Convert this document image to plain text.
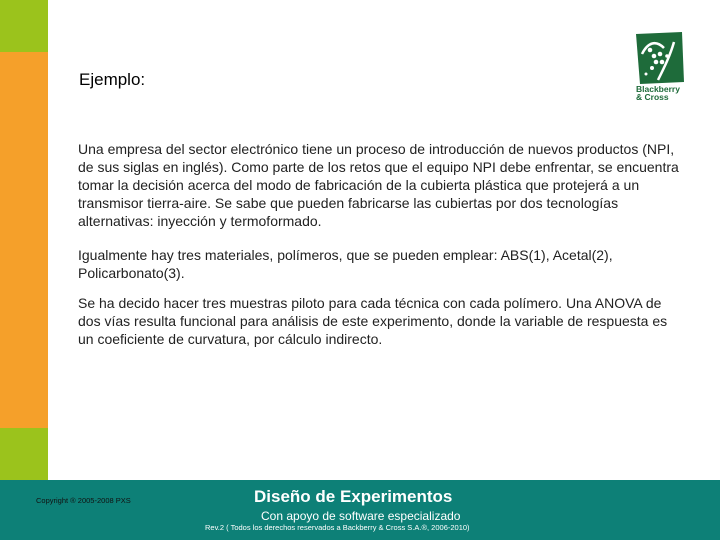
Blackberry
& Cross
Ejemplo:

Una empresa del sector electrónico tiene un proceso de introducción de nuevos productos (NPI, de sus siglas en inglés). Como parte de los retos que el equipo NPI debe enfrentar, se encuentra tomar la decisión acerca del modo de fabricación de la cubierta plástica que protejerá a un transmisor tierra-aire. Se sabe que pueden fabricarse las cubiertas por dos tecnologías alternativas: inyección y termoformado.

Igualmente hay tres materiales, polímeros, que se pueden emplear: ABS(1), Acetal(2), Policarbonato(3).

Se ha decido hacer tres muestras piloto para cada técnica con cada polímero. Una ANOVA de dos vías resulta funcional para análisis de este experimento, donde la variable de respuesta es un coeficiente de curvatura, por cálculo indirecto.

Copyright ® 2005-2008 PXS	Diseño de Experimentos
Con apoyo de software especializado
Rev.2 ( Todos los derechos reservados a Backberry & Cross S.A.®, 2006-2010)
